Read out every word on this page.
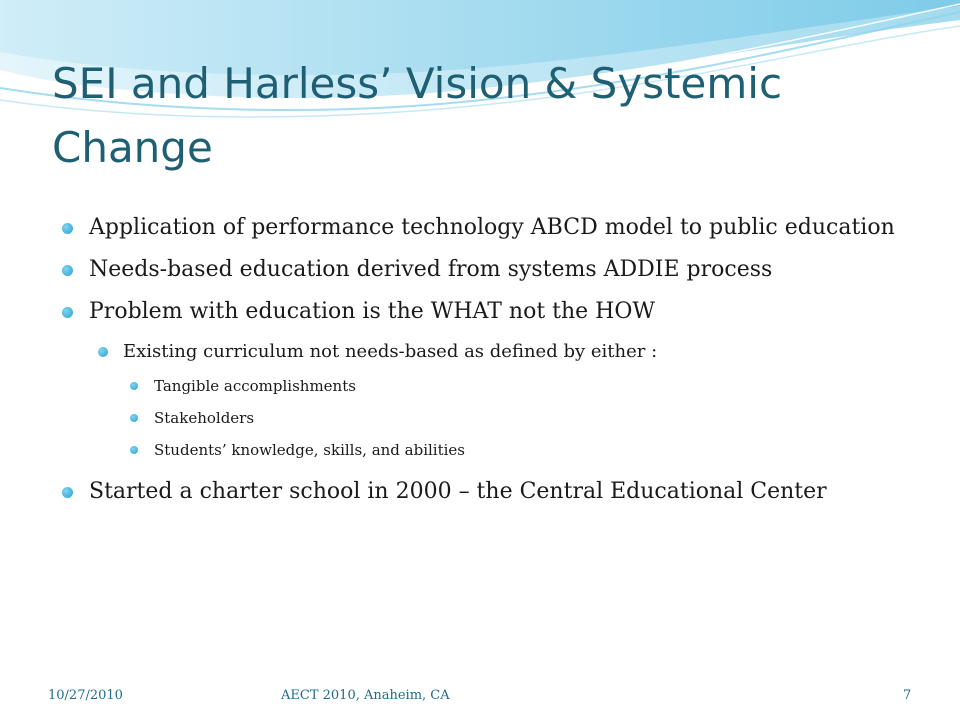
SEI and Harless’ Vision & Systemic Change
Application of performance technology ABCD model to public education
Needs-based education derived from systems ADDIE process
Problem with education is the WHAT not the HOW
Existing curriculum not needs-based as defined by either :
Tangible accomplishments
Stakeholders
Students’ knowledge, skills, and abilities
Started a charter school in 2000 – the Central Educational Center
10/27/2010	AECT 2010, Anaheim, CA	7
